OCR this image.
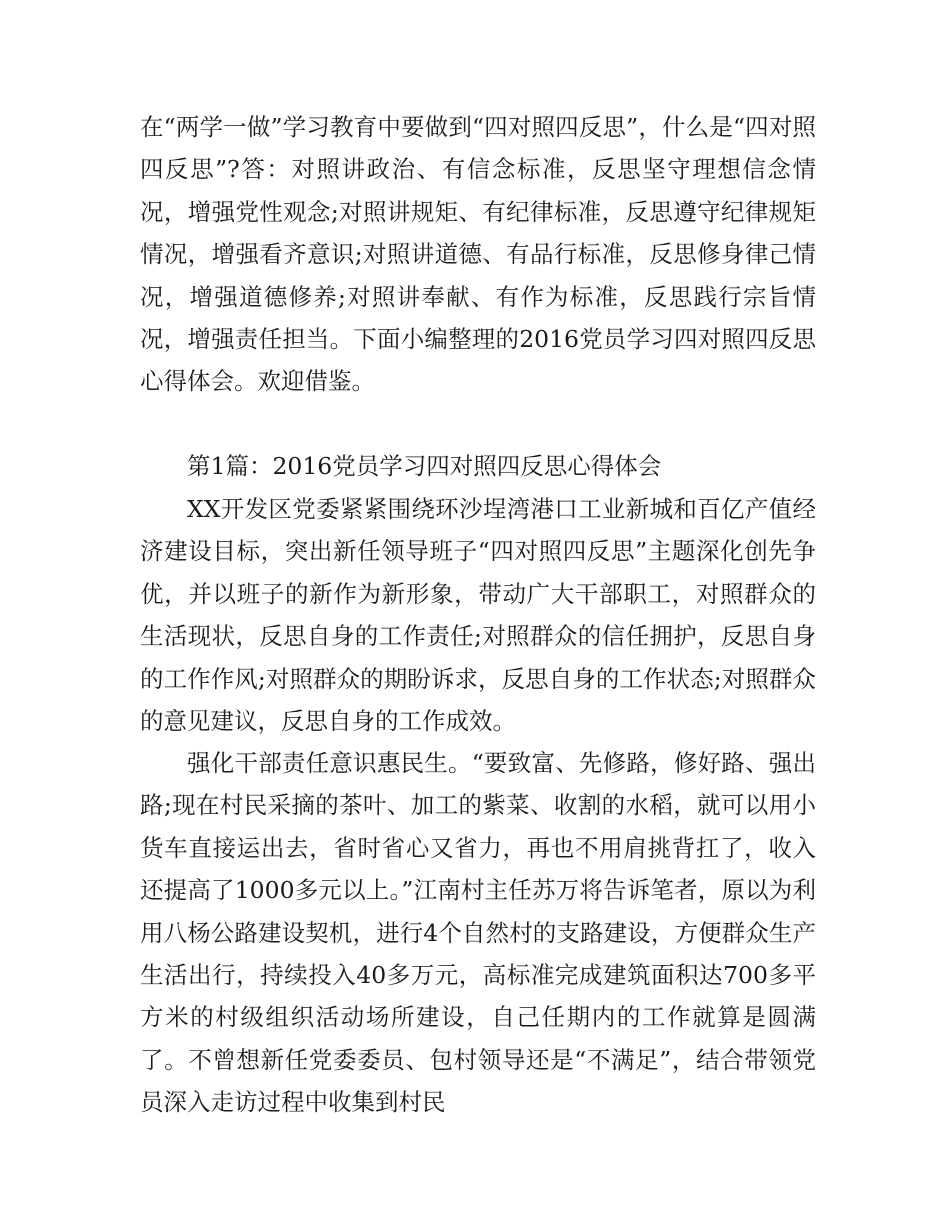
在“两学一做”学习教育中要做到“四对照四反思”，什么是“四对照四反思”?答：对照讲政治、有信念标准，反思坚守理想信念情况，增强党性观念;对照讲规矩、有纪律标准，反思遵守纪律规矩情况，增强看齐意识;对照讲道德、有品行标准，反思修身律己情况，增强道德修养;对照讲奉献、有作为标准，反思践行宗旨情况，增强责任担当。下面小编整理的2016党员学习四对照四反思心得体会。欢迎借鉴。

第1篇：2016党员学习四对照四反思心得体会

XX开发区党委紧紧围绕环沙埕湾港口工业新城和百亿产值经济建设目标，突出新任领导班子“四对照四反思”主题深化创先争优，并以班子的新作为新形象，带动广大干部职工，对照群众的生活现状，反思自身的工作责任;对照群众的信任拥护，反思自身的工作作风;对照群众的期盼诉求，反思自身的工作状态;对照群众的意见建议，反思自身的工作成效。

强化干部责任意识惠民生。“要致富、先修路，修好路、强出路;现在村民采摘的茶叶、加工的紫菜、收割的水稻，就可以用小货车直接运出去，省时省心又省力，再也不用肩挑背扛了，收入还提高了1000多元以上。”江南村主任苏万将告诉笔者，原以为利用八杨公路建设契机，进行4个自然村的支路建设，方便群众生产生活出行，持续投入40多万元，高标准完成建筑面积达700多平方米的村级组织活动场所建设，自己任期内的工作就算是圆满了。不曾想新任党委委员、包村领导还是“不满足”，结合带领党员深入走访过程中收集到村民
